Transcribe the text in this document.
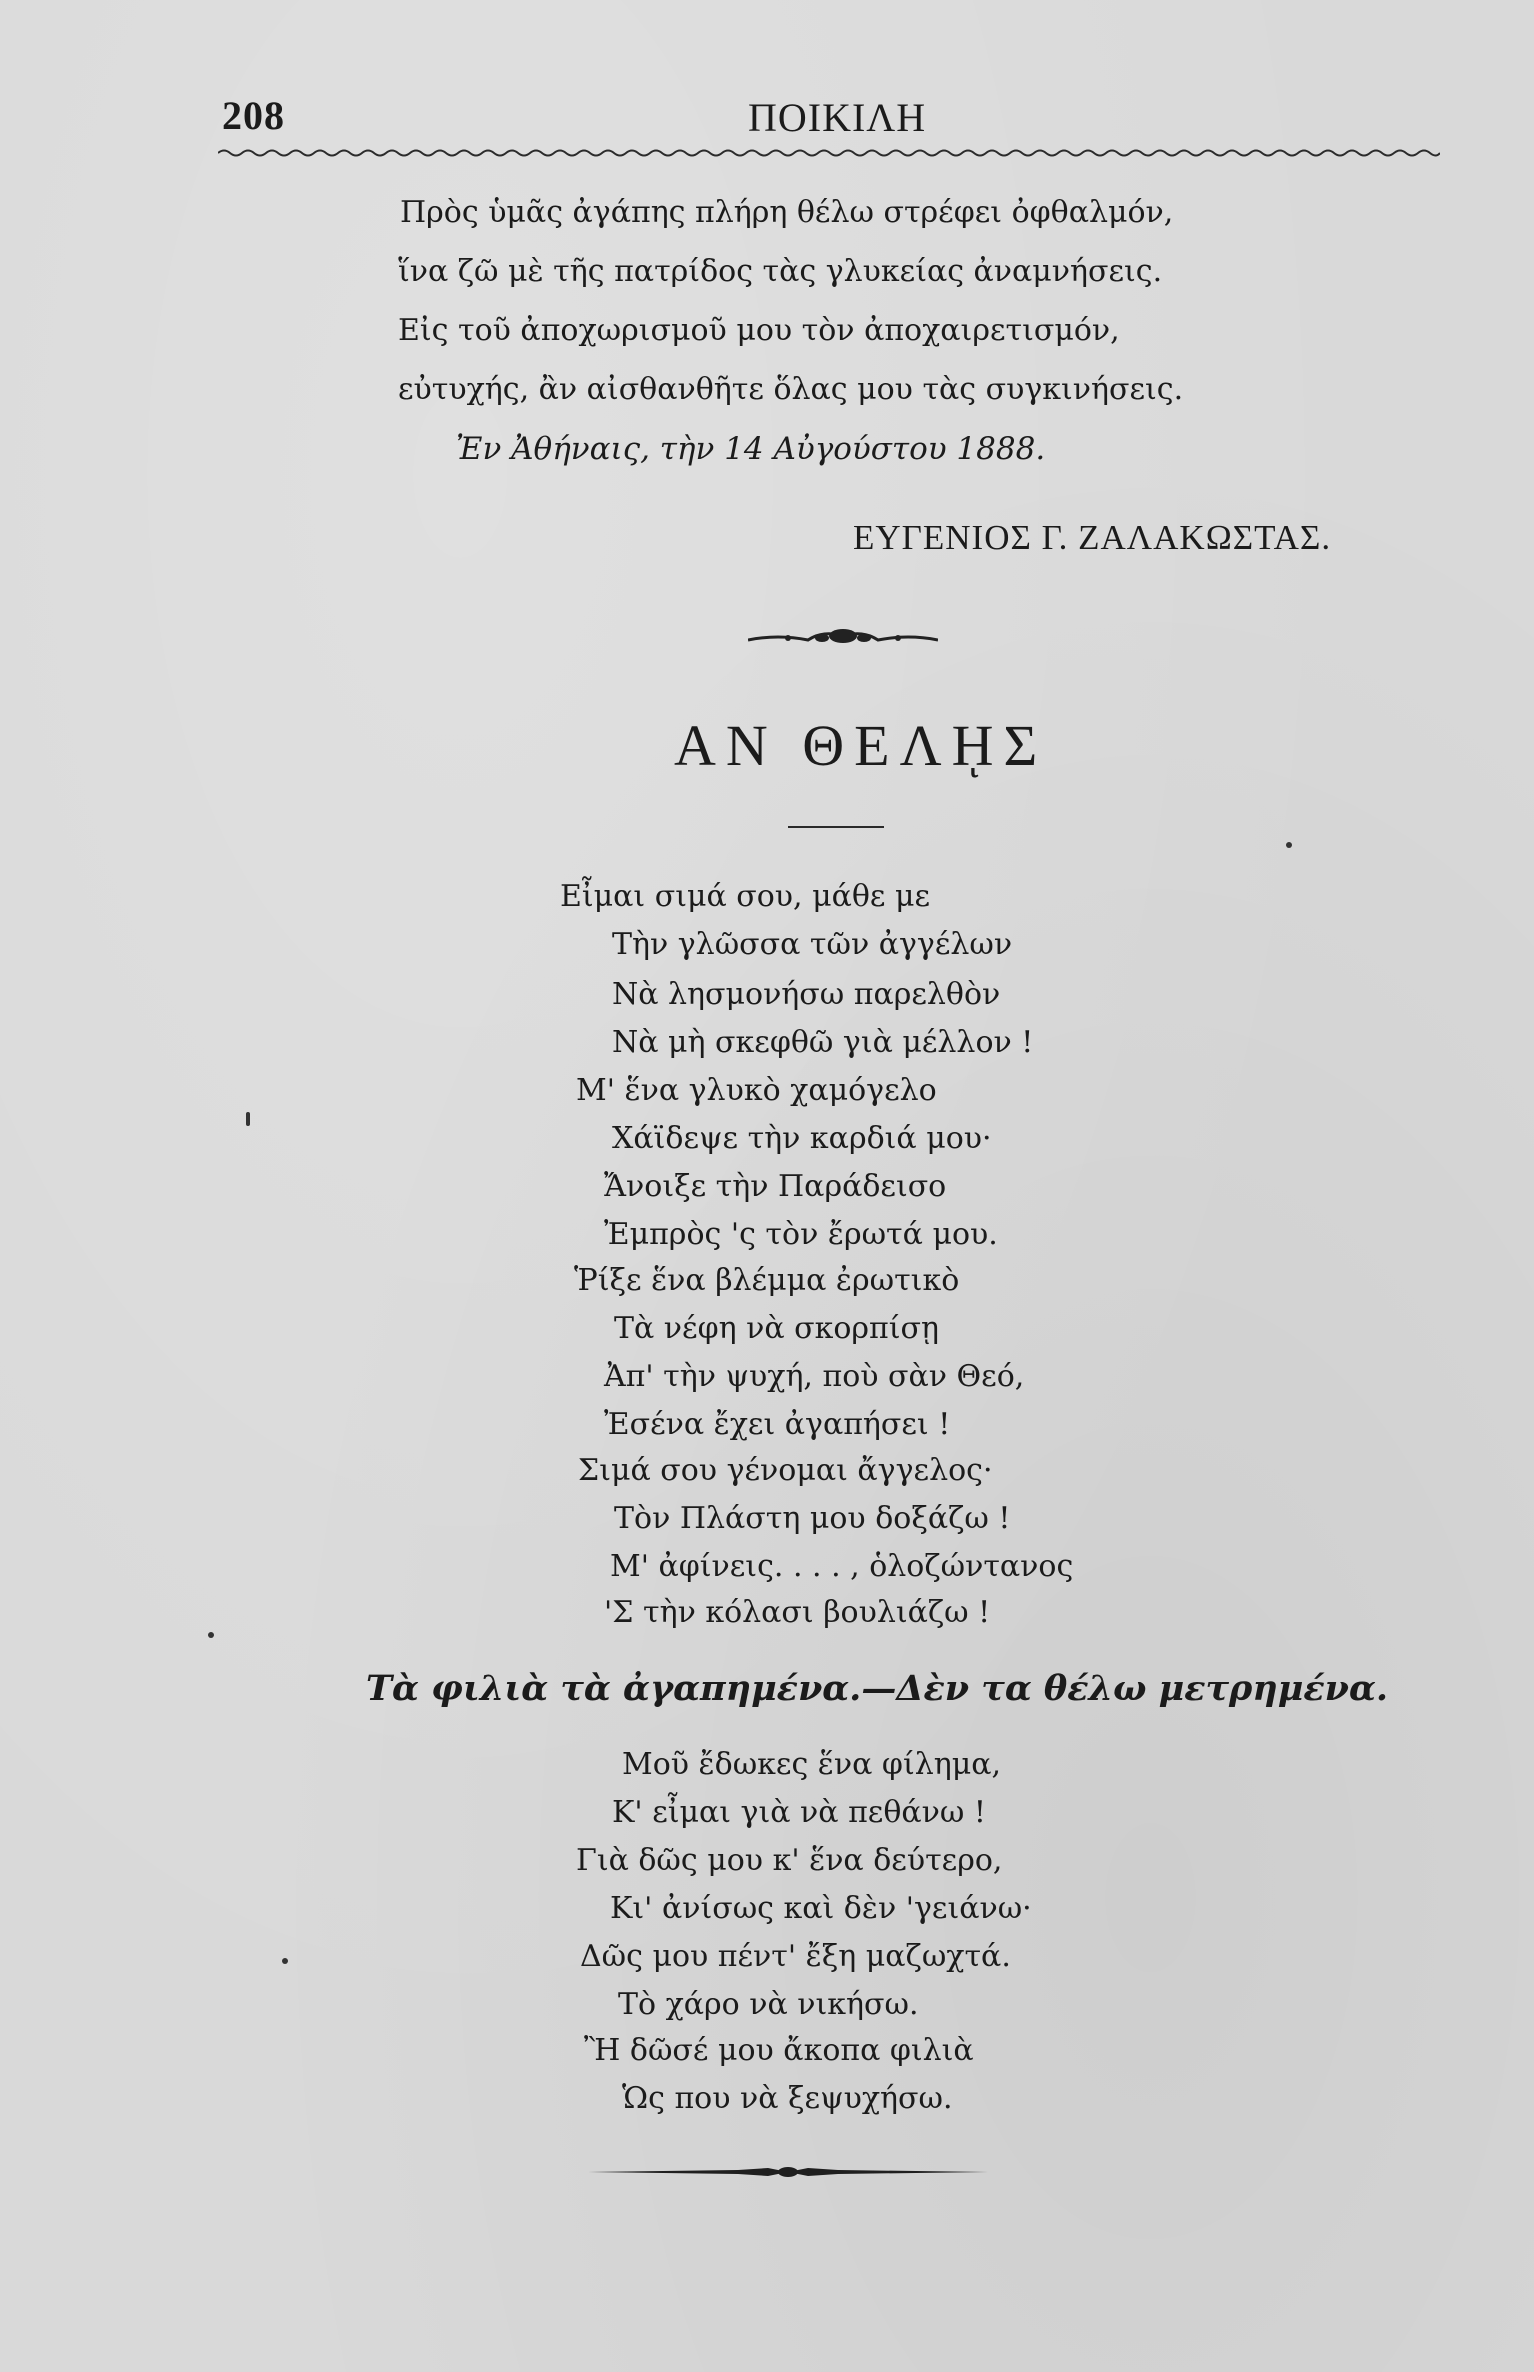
208	ΠΟΙΚΙΛΗ
Πρὸς ὑμᾶς ἀγάπης πλήρη θέλω στρέφει ὀφθαλμόν,
ἵνα ζῶ μὲ τῆς πατρίδος τὰς γλυκείας ἀναμνήσεις.
Εἰς τοῦ ἀποχωρισμοῦ μου τὸν ἀποχαιρετισμόν,
εὐτυχής, ἂν αἰσθανθῆτε ὅλας μου τὰς συγκινήσεις.
Ἐν Ἀθήναις, τὴν 14 Αὐγούστου 1888.
ΕΥΓΕΝΙΟΣ Γ. ΖΑΛΑΚΩΣΤΑΣ.
ΑΝ ΘΕΛῌΣ
Εἶμαι σιμά σου, μάθε με
Τὴν γλῶσσα τῶν ἀγγέλων
Νὰ λησμονήσω παρελθὸν
Νὰ μὴ σκεφθῶ γιὰ μέλλον !
Μ' ἕνα γλυκὸ χαμόγελο
Χάϊδεψε τὴν καρδιά μου·
Ἄνοιξε τὴν Παράδεισο
Ἐμπρὸς 'ς τὸν ἔρωτά μου.
Ῥίξε ἕνα βλέμμα ἐρωτικὸ
Τὰ νέφη νὰ σκορπίσῃ
Ἀπ' τὴν ψυχή, ποὺ σὰν Θεό,
Ἐσένα ἔχει ἀγαπήσει !
Σιμά σου γένομαι ἄγγελος·
Τὸν Πλάστη μου δοξάζω !
Μ' ἀφίνεις. . . . , ὁλοζώντανος
'Σ τὴν κόλασι βουλιάζω !
Τὰ φιλιὰ τὰ ἀγαπημένα.—Δὲν τα θέλω μετρημένα.
Μοῦ ἔδωκες ἕνα φίλημα,
Κ' εἶμαι γιὰ νὰ πεθάνω !
Γιὰ δῶς μου κ' ἕνα δεύτερο,
Κι' ἀνίσως καὶ δὲν 'γειάνω·
Δῶς μου πέντ' ἔξη μαζωχτά.
Τὸ χάρο νὰ νικήσω.
Ἢ δῶσέ μου ἄκοπα φιλιὰ
Ὡς που νὰ ξεψυχήσω.
